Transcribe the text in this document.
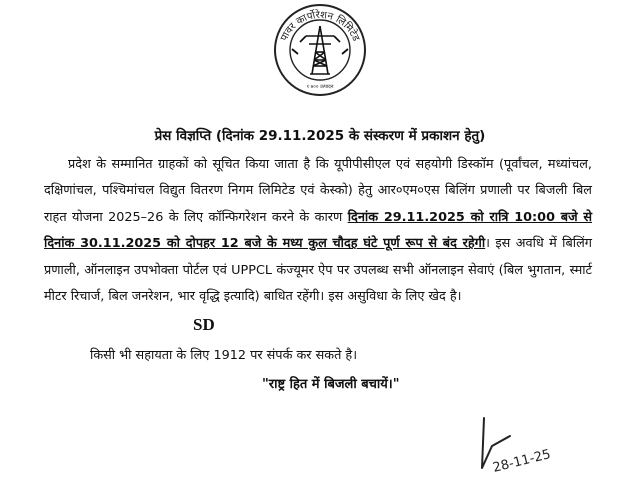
पावर कार्पोरेशन लिमिटेड
१ ७०० उत्पादन
प्रेस विज्ञप्ति (दिनांक 29.11.2025 के संस्करण में प्रकाशन हेतु)

प्रदेश के सम्मानित ग्राहकों को सूचित किया जाता है कि यूपीपीसीएल एवं सहयोगी डिस्कॉम (पूर्वांचल, मध्यांचल, दक्षिणांचल, पश्चिमांचल विद्युत वितरण निगम लिमिटेड एवं केस्को) हेतु आर०एम०एस बिलिंग प्रणाली पर बिजली बिल राहत योजना 2025–26 के लिए कॉन्फिगरेशन करने के कारण दिनांक 29.11.2025 को रात्रि 10:00 बजे से दिनांक 30.11.2025 को दोपहर 12 बजे के मध्य कुल चौदह घंटे पूर्ण रूप से बंद रहेगी। इस अवधि में बिलिंग प्रणाली, ऑनलाइन उपभोक्ता पोर्टल एवं UPPCL कंज्यूमर ऐप पर उपलब्ध सभी ऑनलाइन सेवाएं (बिल भुगतान, स्मार्ट मीटर रिचार्ज, बिल जनरेशन, भार वृद्धि इत्यादि) बाधित रहेंगी। इस असुविधा के लिए खेद है।

SD
किसी भी सहायता के लिए 1912 पर संपर्क कर सकते है।
"राष्ट्र हित में बिजली बचायें।"
28-11-25
